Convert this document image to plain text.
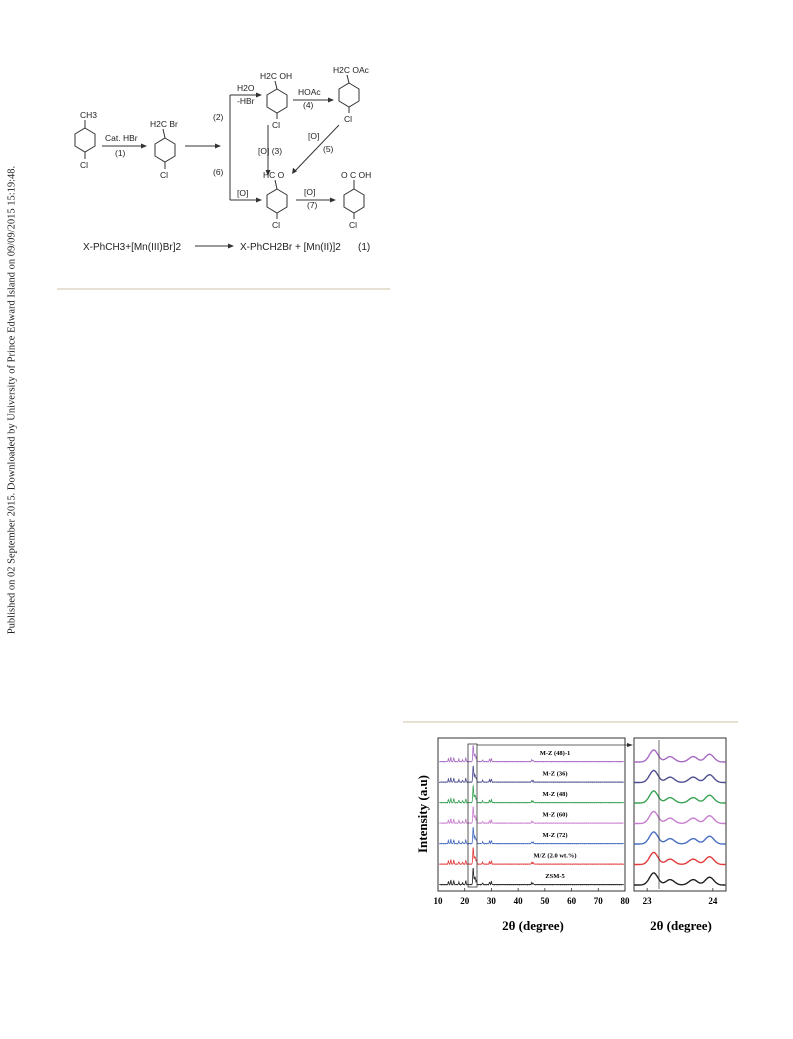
Published on 02 September 2015. Downloaded by University of Prince Edward Island on 09/09/2015 15:19:48.
CH3
Cl
H2C Br
Cl
H2C OH
Cl
H2C OAc
Cl
HC O
Cl
O C OH
Cl
Cat. HBr
(1)
(2)
H2O
-HBr
HOAc
(4)
[O] (3)
[O]
(5)
(6)
[O]	[O]
(7)
X-PhCH3+[Mn(III)Br]2	X-PhCH2Br + [Mn(II)]2 (1)
M-Z (48)-1
M-Z (36)
M-Z (48)
M-Z (60)
M-Z (72)
M/Z (2.0 wt.%)
ZSM-5
10 20 30 40 50 60 70 80 23	24
Intensity (a.u)
2θ (degree)	2θ (degree)
